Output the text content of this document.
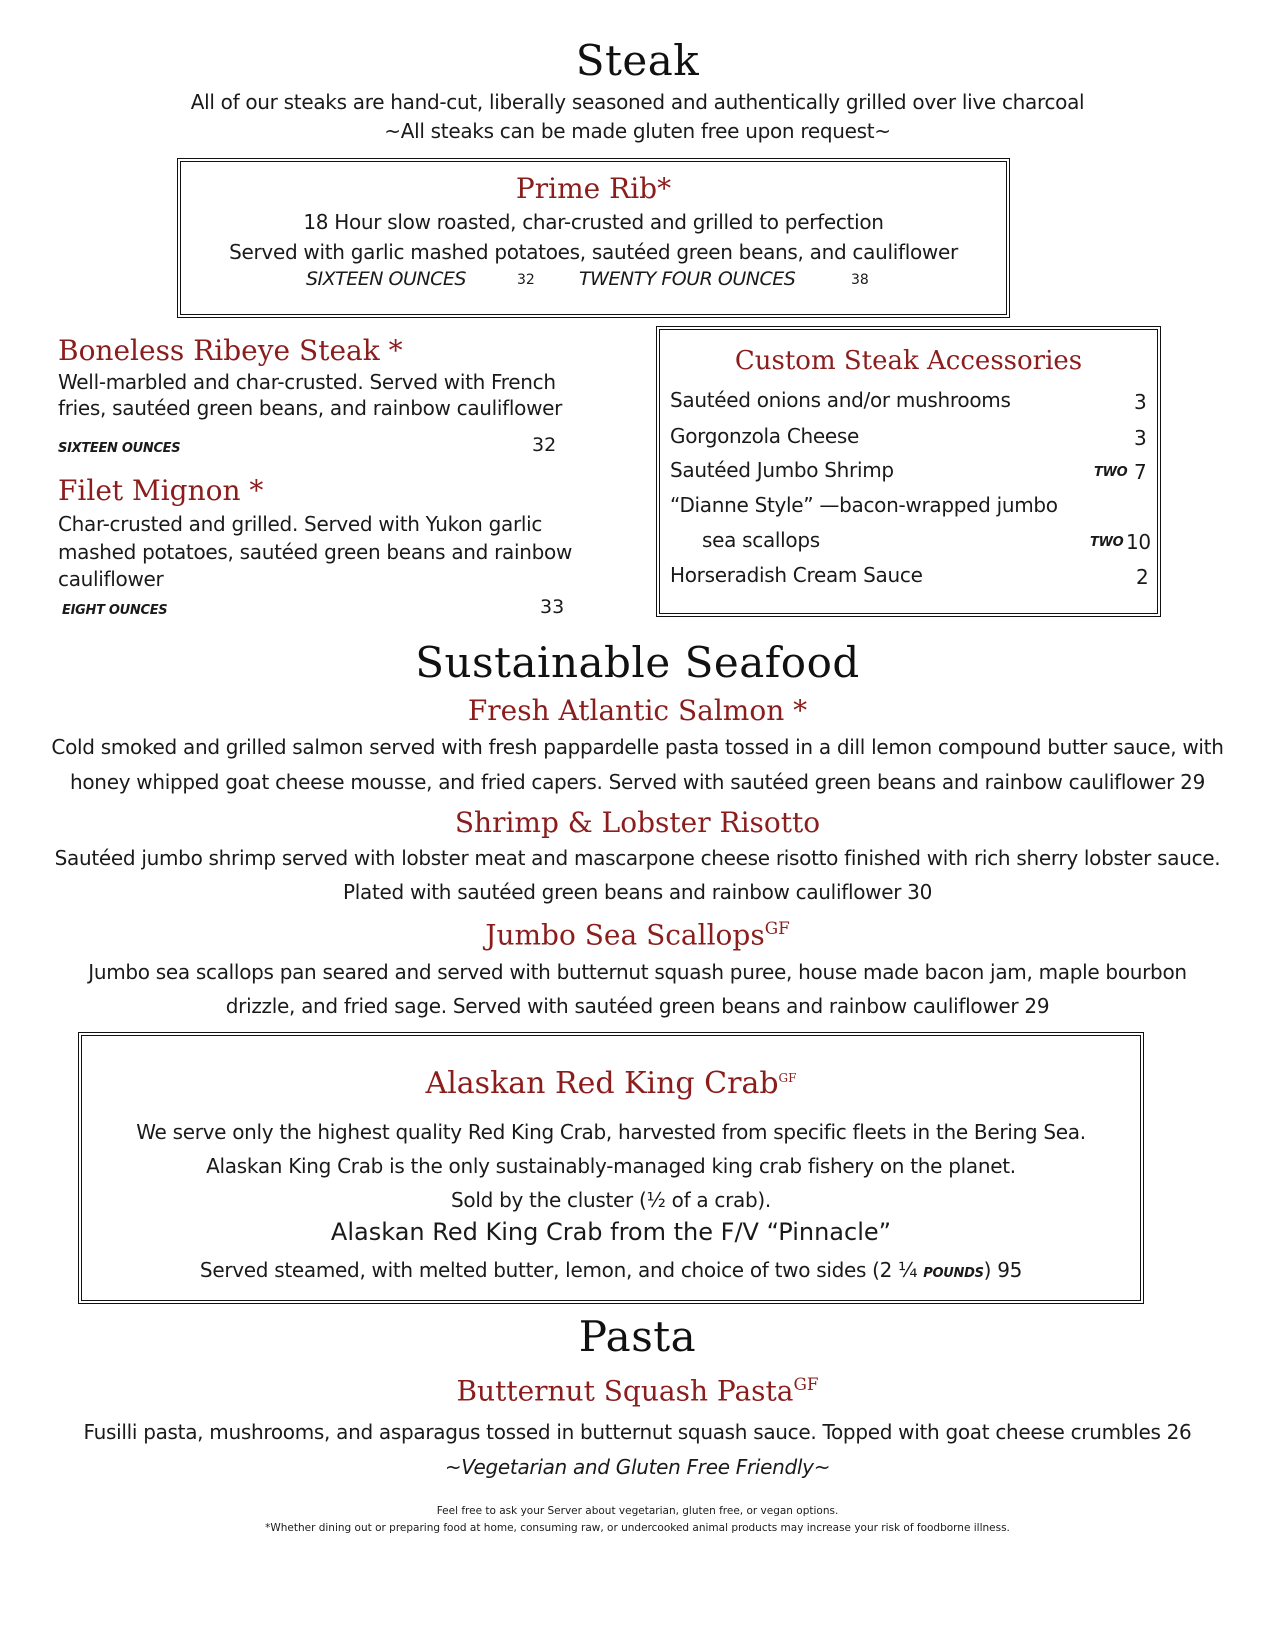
Steak
All of our steaks are hand-cut, liberally seasoned and authentically grilled over live charcoal
~All steaks can be made gluten free upon request~
Prime Rib*
18 Hour slow roasted, char-crusted and grilled to perfection
Served with garlic mashed potatoes, sautéed green beans, and cauliflower
SIXTEEN OUNCES	32 TWENTY FOUR OUNCES	38
Boneless Ribeye Steak *
Well-marbled and char-crusted. Served with French
fries, sautéed green beans, and rainbow cauliflower
SIXTEEN OUNCES	32
Filet Mignon *
Char-crusted and grilled. Served with Yukon garlic
mashed potatoes, sautéed green beans and rainbow
cauliflower
EIGHT OUNCES	33
Custom Steak Accessories
Sautéed onions and/or mushrooms	3
Gorgonzola Cheese	3
Sautéed Jumbo Shrimp	TWO 7
“Dianne Style” —bacon-wrapped jumbo
sea scallops	TWO 10
Horseradish Cream Sauce	2
Sustainable Seafood
Fresh Atlantic Salmon *
Cold smoked and grilled salmon served with fresh pappardelle pasta tossed in a dill lemon compound butter sauce, with
honey whipped goat cheese mousse, and fried capers. Served with sautéed green beans and rainbow cauliflower 29
Shrimp & Lobster Risotto
Sautéed jumbo shrimp served with lobster meat and mascarpone cheese risotto finished with rich sherry lobster sauce.
Plated with sautéed green beans and rainbow cauliflower 30
Jumbo Sea Scallops$^{GF}$
Jumbo sea scallops pan seared and served with butternut squash puree, house made bacon jam, maple bourbon
drizzle, and fried sage. Served with sautéed green beans and rainbow cauliflower 29
Alaskan Red King Crab$^{GF}$
We serve only the highest quality Red King Crab, harvested from specific fleets in the Bering Sea.
Alaskan King Crab is the only sustainably-managed king crab fishery on the planet.
Sold by the cluster (½ of a crab).
Alaskan Red King Crab from the F/V “Pinnacle”
Served steamed, with melted butter, lemon, and choice of two sides (2 ¼ POUNDS) 95
Pasta
Butternut Squash Pasta$^{GF}$
Fusilli pasta, mushrooms, and asparagus tossed in butternut squash sauce. Topped with goat cheese crumbles 26
~Vegetarian and Gluten Free Friendly~
Feel free to ask your Server about vegetarian, gluten free, or vegan options.
*Whether dining out or preparing food at home, consuming raw, or undercooked animal products may increase your risk of foodborne illness.
